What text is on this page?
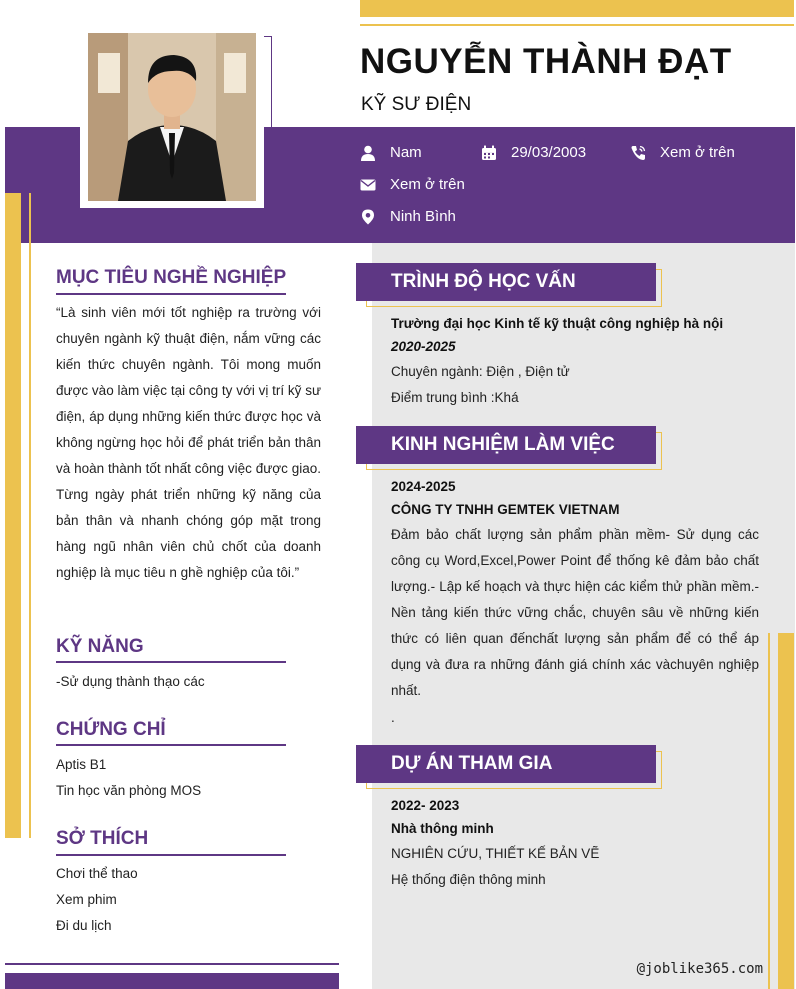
NGUYỄN THÀNH ĐẠT
KỸ SƯ ĐIỆN
Nam	29/03/2003	Xem ở trên
Xem ở trên
Ninh Bình
MỤC TIÊU NGHỀ NGHIỆP
“Là sinh viên mới tốt nghiệp ra trường với chuyên ngành kỹ thuật điện, nắm vững các kiến thức chuyên ngành. Tôi mong muốn được vào làm việc tại công ty với vị trí kỹ sư điện, áp dụng những kiến thức được học và không ngừng học hỏi để phát triển bản thân và hoàn thành tốt nhất công việc được giao. Từng ngày phát triển những kỹ năng của bản thân và nhanh chóng góp mặt trong hàng ngũ nhân viên chủ chốt của doanh nghiệp là mục tiêu n ghề nghiệp của tôi.”
KỸ NĂNG
-Sử dụng thành thạo các
CHỨNG CHỈ
Aptis B1
Tin học văn phòng MOS
SỞ THÍCH
Chơi thể thao
Xem phim
Đi du lịch
TRÌNH ĐỘ HỌC VẤN
Trường đại học Kinh tế kỹ thuật công nghiệp hà nội
2020-2025
Chuyên ngành: Điện , Điện tử
Điểm trung bình :Khá
KINH NGHIỆM LÀM VIỆC
2024-2025
CÔNG TY TNHH GEMTEK VIETNAM
Đảm bảo chất lượng sản phẩm phần mềm- Sử dụng các công cụ Word,Excel,Power Point để thống kê đảm bảo chất lượng.- Lập kế hoạch và thực hiện các kiểm thử phần mềm.- Nền tảng kiến thức vững chắc, chuyên sâu về những kiến thức có liên quan đếnchất lượng sản phẩm để có thể áp dụng và đưa ra những đánh giá chính xác vàchuyên nghiệp nhất.
.
DỰ ÁN THAM GIA
2022- 2023
Nhà thông minh
NGHIÊN CỨU, THIẾT KẾ BẢN VẼ
Hệ thống điện thông minh
@joblike365.com
